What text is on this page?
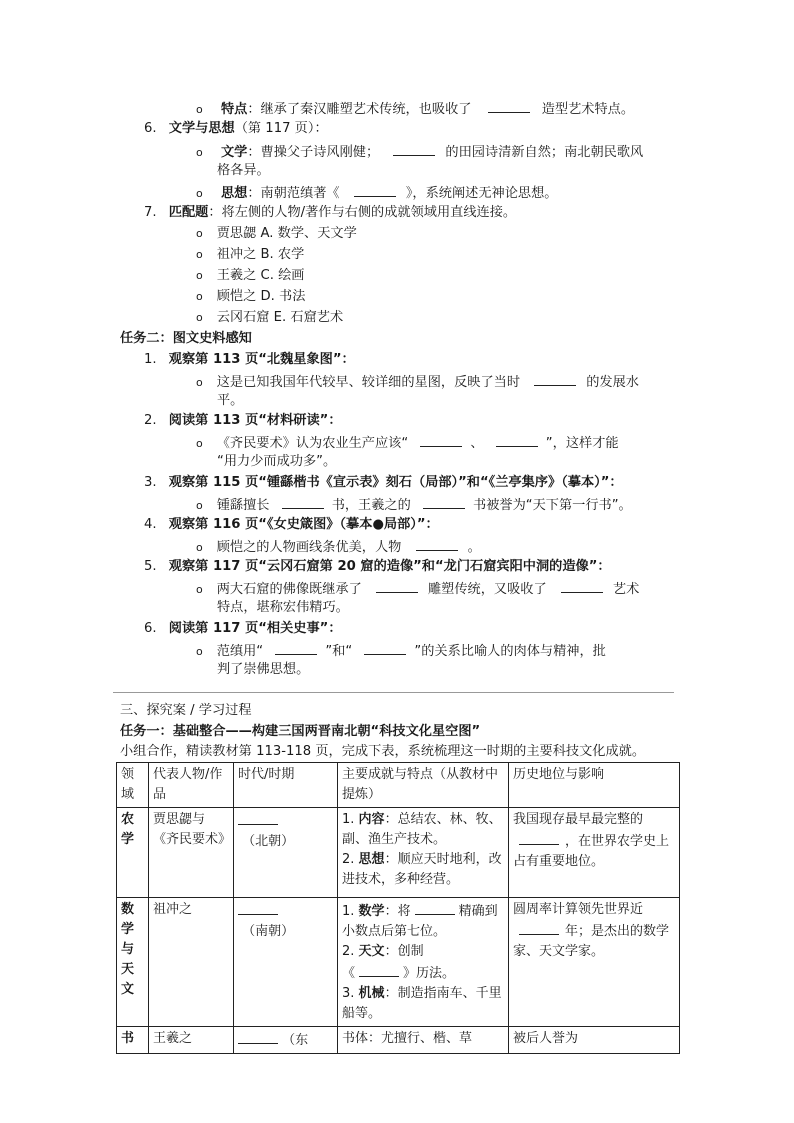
o 特点：继承了秦汉雕塑艺术传统，也吸收了	造型艺术特点。
6. 文学与思想（第 117 页）：
o 文学：曹操父子诗风刚健；	的田园诗清新自然；南北朝民歌风
格各异。
o 思想：南朝范缜著《	》，系统阐述无神论思想。
7. 匹配题：将左侧的人物/著作与右侧的成就领域用直线连接。
o 贾思勰 A. 数学、天文学
o 祖冲之 B. 农学
o 王羲之 C. 绘画
o 顾恺之 D. 书法
o 云冈石窟 E. 石窟艺术
任务二：图文史料感知
1. 观察第 113 页“北魏星象图”：
o 这是已知我国年代较早、较详细的星图，反映了当时	的发展水
平。
2. 阅读第 113 页“材料研读”：
o 《齐民要术》认为农业生产应该“	、	”，这样才能
“用力少而成功多”。
3. 观察第 115 页“锺繇楷书《宣示表》刻石（局部）”和“《兰亭集序》（摹本）”：
o 锺繇擅长	书，王羲之的	书被誉为“天下第一行书”。
4. 观察第 116 页“《女史箴图》（摹本●局部）”：
o 顾恺之的人物画线条优美，人物	。
5. 观察第 117 页“云冈石窟第 20 窟的造像”和“龙门石窟宾阳中洞的造像”：
o 两大石窟的佛像既继承了	雕塑传统，又吸收了	艺术
特点，堪称宏伟精巧。
6. 阅读第 117 页“相关史事”：
o 范缜用“	”和“	”的关系比喻人的肉体与精神，批
判了崇佛思想。
三、探究案 / 学习过程
任务一：基础整合——构建三国两晋南北朝“科技文化星空图”
小组合作，精读教材第 113-118 页，完成下表，系统梳理这一时期的主要科技文化成就。
领域	代表人物/作品	时代/时期	主要成就与特点（从教材中提炼）	历史地位与影响
农学	贾思勰与《齐民要术》	（北朝）	1. 内容：总结农、林、牧、副、渔生产技术。
2. 思想：顺应天时地利，改进技术，多种经营。	我国现存最早最完整的 ，在世界农学史上占有重要地位。
数学与天文	祖冲之	（南朝）	1. 数学：将 精确到小数点后第七位。
2. 天文：创制
《 》历法。
3. 机械：制造指南车、千里船等。	圆周率计算领先世界近 年；是杰出的数学家、天文学家。
书	王羲之	（东	书体：尤擅行、楷、草	被后人誉为
